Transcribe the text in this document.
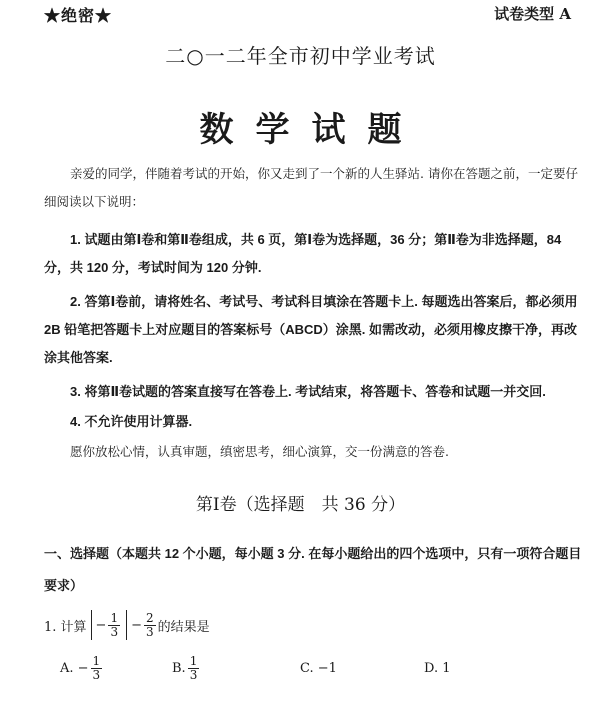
★绝密★	试卷类型 A
二○一二年全市初中学业考试
数学试题
亲爱的同学，伴随着考试的开始，你又走到了一个新的人生驿站. 请你在答题之前，一定要仔细阅读以下说明：
1. 试题由第Ⅰ卷和第Ⅱ卷组成，共 6 页，第Ⅰ卷为选择题，36 分；第Ⅱ卷为非选择题，84 分，共 120 分，考试时间为 120 分钟.
2. 答第Ⅰ卷前，请将姓名、考试号、考试科目填涂在答题卡上. 每题选出答案后，都必须用 2B 铅笔把答题卡上对应题目的答案标号（ABCD）涂黑. 如需改动，必须用橡皮擦干净，再改涂其他答案.
3. 将第Ⅱ卷试题的答案直接写在答卷上. 考试结束，将答题卡、答卷和试题一并交回.
4. 不允许使用计算器.
愿你放松心情，认真审题，缜密思考，细心演算，交一份满意的答卷.
第Ⅰ卷（选择题　共 36 分）
一、选择题（本题共 12 个小题，每小题 3 分. 在每小题给出的四个选项中，只有一项符合题目要求）
1. 计算 − $\frac{1}{3} - \frac{2}{3}$ 的结果是
A. − $\frac{1}{3}$	B. $\frac{1}{3}$	C. −1	D. 1
